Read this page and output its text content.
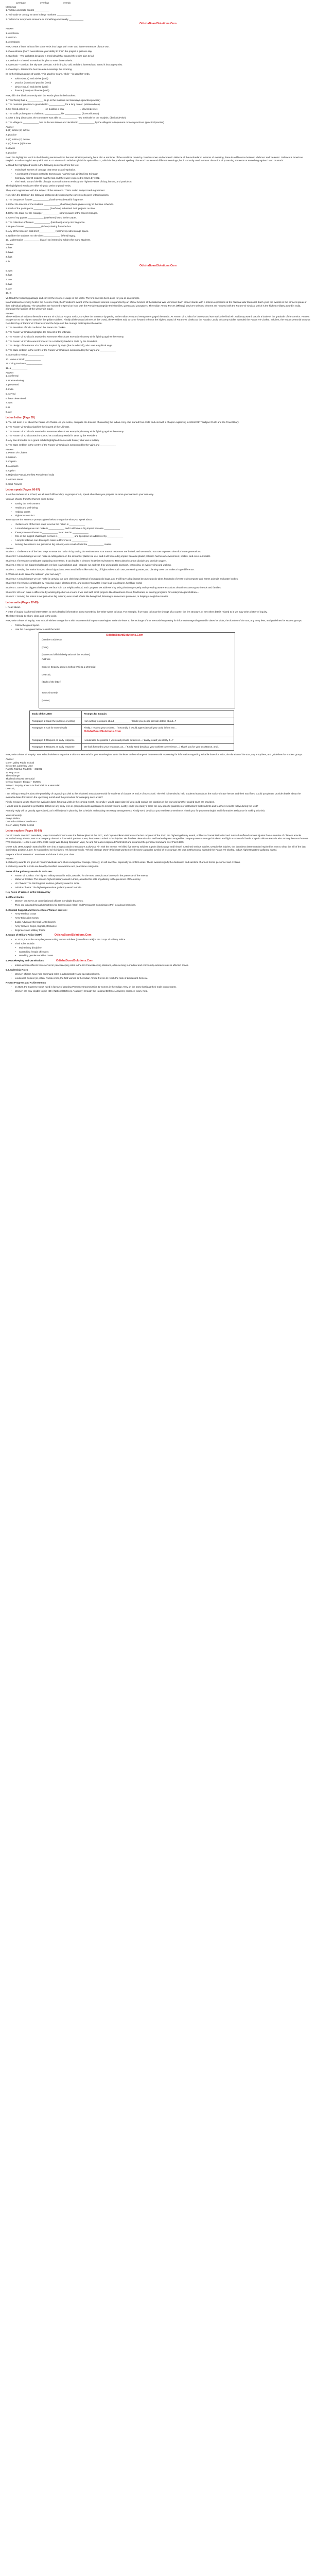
overstate	overflow	overdo
Meanings
1. To take and state control ___________
2. To invade or occupy an area in large numbers ___________
3. To flood or overpower someone or something emotionally ___________
OdishaBoardSolutions.Com
Answer
1. overthrow
2. overrun
3. overwhelm
Now, create a list of at least five other verbs that begin with 'over' and frame sentences of your own.
1. Overestimate (Don't overestimate your ability to finish the project in just one day.
2. Overlook – The architect designed a small detail that caused the entire plan to fail.
3. Overhaul – It forced to overhaul its plan to meet these criteria.
4. Overcast – Outside, the sky was overcast. A thin drizzle, cold and dark, lowered and turned it into a grey mist.
5. Overslept – Missed the bus because I overslept this morning.
III. In the following pairs of words, '+' is used for nouns, while '-' is used for verbs.
•	advice (noun) and advise (verb)
•	practice (noun) and practise (verb)
•	device (noun) and devise (verb)
•	licence (noun) and license (verb)
Now, fill in the blanks correctly with the words given in the brackets.
1. Their family has a ____________ to go to the museum on Saturdays. (practice/practise)
2. The musician practised a great deal to ____________ for a long career. (advise/advice)
3. My friend asked for ____________ on building a new ____________. (device/devise)
4. The traffic police gave a challan to ____________ his ____________. (licence/license)
5. After a long discussion, the committee was able to ____________ new methods for the analysis. (device/devise)
6. The village to ____________ had to discuss issues and decided to ____________ by the villagers to implement modern practices. (practice/practise)
Answer
1. (1) advice (2) advise
2. practice
3. (1) advice (2) device
4. (1) licence (2) license
5. devise
6. practice
Read the highlighted word in the following sentence from the text: Most importantly, he is also a reminder of the sacrifices made by countless men and women in defence of the motherland. In terms of meaning, there is a difference between 'defence' and 'defense'. Defence is American English. In Indian English we spell it with an 's' whereas in British English it is spelt with a 'c', which is the preferred spelling. The word has several different meanings, but it is mostly used to mean 'the action of protecting someone or something against harm or attack'.
V. Read the highlighted words in the following sentences from the text.
•	ended with scenes of courage that serve as an inspiration.
•	A contingent of troops posted to Jammu and Kashmir was airlifted into Srinagar
•	Company with 90 soldiers was the last and they were expected to return by 1962.
•	The heroic story of the life of Major Somnath Sharma embody the highest values of duty, honour, and patriotism.
The highlighted words are either singular verbs or plural verbs.
They are in agreement with the subject of the sentence. This is called Subject-Verb Agreement.
Now, fill in the blanks in the following sentences by choosing the correct verb given within brackets.
1. The bouquet of flowers ____________ (has/have) a beautiful fragrance.
2. Either the teacher or the students ____________ (has/have) been given a copy of the time schedule.
3. Each of the participants ____________ (has/have) submitted their projects on time.
4. Either the team nor the manager ____________ (is/are) aware of the recent changes.
5. One of my papers ____________ (was/were) found in the carpet.
6. The collection of flowers ____________ (has/have) a very nice fragrance.
7. Rupa of Rouan ____________ (is/are) missing from the box.
8. Any of the boxes in that shelf ____________ (has/have) extra storage space.
9. Neither the students nor the class ____________ (is/are) happy.
10. Mathematics ____________ (is/are) an interesting subject for many students.
Answer
1. has
2. have
3. has
4. is
OdishaBoardSolutions.Com
5. was
6. has
7. are
8. has
9. are
10. is
VI. Read the following passage and correct the incorrect usage of the verbs. The first one has been done for you as an example.
In a traditional ceremony held in the Defence Park, the President's award of the mentioned winners is organized by an official function at the National War Memorial. Each winner stands with a solemn expression at the National War Memorial. Each year, the awards of the winners speak of their individual gallantry. The awardees are honored to spend an hour with the President alongside their families, guests and youngsters. The Indian Armed Forces (Military) service's selected winners are honored with the Param Vir Chakra, which is the highest military award in India, alongside the families of the winners is made.
Answer
The President of India conferred the Param Vir Chakra. As you notice, complete the sentence by getting to the Indian Army and everyone engaged the Battle. As Param Vir Chakra for bravery and war marks the final win. Gallantry award 1963 is a battle of the gratitude of the Service. Prevent to a person to the highest award of the gallant soldiers. Finally all the award winners of the crowd, the President said to come forward to honor the highest award of Param Vir Chakra at the Parade, Lastly, this army soldier awarded the Param Vir Chakra. Soldiers, the Yadav Memorial on what Republic Day of Param Vir Chakra spread the hope and the courage that inspires the nation.
1. The President of India conferred the Param Vir Chakra.
2. The Param Vir Chakra highlights the bravest of the Ultimate.
3. The Param Vir Chakra is awarded to someone who shows exemplary bravery while fighting against the enemy.
4. The Param Vir Chakra was introduced on a Gallantry Medal in 1947 by the President.
7. The design of the Param Vir Chakra is inspired by Vajra (the thunderbolt), who was a mythical sage.
8. The state emblem in the centre of the Param Vir Chakra is surrounded by the Vajra and ____________
9. Somnath to Tomar ____________
10. Name a Stock ____________
11. Doing Business ____________
12. a ____________
Answer
1. conferred
2. Praise-winning
3. presented
4. India
5. served
6. have determined
7. was
8. is
9. are
Let us Indian (Page 65)
1. You will learn a lot about the Param Vir Chakra. As you notice, complete the timeline of awarding the Indian Army. Get started from 1947 and end with a chapter explaining in 2016/2017 'Sarbjeet Push' and the Travel Diary.
1. The Param Vir Chakra signifies the bravest of the Ultimate.
2. The Param Vir Chakra is awarded to someone who shows exemplary bravery while fighting against the enemy.
3. The Param Vir Chakra was introduced as a Gallantry Medal in 1947 by the President.
4. Any doe shrouded as a grand exhibit highlighted it as a valid holder, who was a military.
5. The state emblem in the centre of the Param Vir Chakra is surrounded by the Vajra and ____________
Answer
1. Param Vir Chakra
2. Mission
3. Captain
4. A Jawans
5. Option
6. Rajendra Prasad, the first President of India
7. A Lion's Mane
8. Soul Flowers
Let us speak (Pages 66-67)
1. As the students of a school, we all must fulfil our duty. In groups of 4-5, speak about how you propose to serve your nation in your own way.
You can choose from the themes given below.
•	Saving the environment
•	Health and well-being
•	Helping others
•	Righteous conduct
You may use the sentence prompts given below to organise what you speak about.
•	I believe one of the best ways to serve the nation is ____________
•	A small change we can make is ____________ and it will have a big impact because ____________
•	If everyone contributes to ____________ it can lead to ____________
•	One of the biggest challenges we face is ____________ and I propose we address it by ____________
•	A simple habit we can develop to make a difference is ____________
•	Serving the nation is not just about big actions; even small efforts like ____________ matter.
Answer
Student 1: I believe one of the best ways to serve the nation is by saving the environment. Our natural resources are limited, and we need to act now to protect them for future generations.
Student 2: A small change we can make is cutting down on the amount of plastic we use, and it will have a big impact because plastic pollution harms our environment, wildlife, and even our health.
Student 3: If everyone contributes to planting more trees, it can lead to a cleaner, healthier environment. Trees absorb carbon dioxide and provide oxygen.
Student 4: One of the biggest challenges we face is air pollution and I propose we address it by using public transport, carpooling, or even cycling and walking.
Student 1: Serving the nation isn't just about big actions; even small efforts like switching off lights when not in use, conserving water, and planting trees can make a huge difference.
2. What can do to serve the nation in your own way?
Student 2: A small change we can make is carrying our own cloth bags instead of using plastic bags, and it will have a big impact because plastic takes hundreds of years to decompose and harms animals and water bodies.
Student 3: If everyone contributes by reducing waste, planting trees, and conserving water, it can lead to a cleaner, healthier world.
Student 4: One of the biggest challenges we face is in our neighbourhood, and I propose we address it by using dustbins properly and spreading awareness about cleanliness among our friends and families.
Student 5: We can make a difference by working together as a team. If we start with small projects like cleanliness drives, food banks, or tutoring programs for underprivileged children—
Student 1: Serving the nation is not just about big actions; even small efforts like being kind, listening to someone's problems, or helping a neighbour matter.
Let us write (Pages 67-69)
I. Read about.
A letter of inquiry is a formal letter written to seek detailed information about something the writer wants to know. For example, if we want to know the timings of a course, the fee structure, or any other details related to it, we may write a letter of inquiry.
The letter should be short, clear, and to the point.
Now, write a letter of inquiry. Your school wishes to organize a visit to a Memorial in your state/region. Write the letter to the Incharge of that memorial requesting for information regarding suitable dates for visits, the duration of the tour, any entry fees, and guidelines for student groups.
•	Follow the given layout.
•	Use the cues given below to draft the letter.
OdishaBoardSolutions.Com
(Sender's address)
(Date)
(Name and official designation of the receiver)
Address
Subject: Enquiry about a School Visit to a Memorial
Dear Sir,
(Body of the letter)
Yours sincerely,
(Name)
Body of the Letter	Prompts for Enquiry
Paragraph 1: State the purpose of writing	I am writing to enquire about ____________ / Could you please provide details about...?
Paragraph 2: Ask for more details	Firstly, I request you to share... / Secondly, it would appreciate a fi you could inform me...
OdishaBoardSolutions.Com

Paragraph 3: Request an early response	I would also be grateful if you could provide details on... / Lastly, could you clarify if...?
Paragraph 3: Request an early response	We look forward to your response, as... / Kindly send details at your earliest convenience... / Thank you for your assistance, and...
Now, write a letter of enquiry. Your school wishes to organise a visit to a Memorial in your state/region. Write the letter to the Incharge of that memorial requesting for information regarding suitable dates for visits, the duration of the tour, any entry fees, and guidelines for student groups.
Answer
Green Valley Public School
Sector 10, Lakeview Lane
Ranchi, Mahtua Pradesh – 462002
17 May 2025
The Incharge
Thailand Shravati Memorial
Central Square, Bhopal – 462001
Subject: Enquiry about a School Visit to a Memorial
Dear Sir,
I am writing to enquire about the possibility of organizing a visit to the Shaheed Smarak Memorial for students of classes IX and X of our school. The visit is intended to help students learn about the nation's brave heroes and their sacrifices. Could you please provide details about the available dates for visits in the upcoming month and the procedure for arranging such a visit?
Firstly, I request you to share the available dates for group visits in the coming month. Secondly, I would appreciate it if you could explain the duration of the tour and whether guided tours are provided.
I would also be grateful to get further details on any entry fees or group discounts applicable to school visitors. Lastly, could you clarify if there are any specific guidelines or instructions that students and teachers need to follow during the visit?
An early reply will be greatly appreciated, as it will help us in planning the schedule and making necessary arrangements. Kindly send details at your earliest convenience. Thank you for your meaningful and informative assistance in making this visit.
Yours sincerely,
Anaya Mehta
Cultural Activities Coordinator
Green Valley Public School
Let us explore (Pages 68-69)
Out of crowds one PVC awardees, Major Somnath Sharma was the first recipient of the PVC, and Captain Vikram Batra was the last recipient of the PVC, the highest gallantry award, soldiers of Jamal Naik cried and Sohnath suffered serious injuries from a number of Chinese attacks. Wounded Navy, Bhatia, was to accompany them of a downwind position. Later, he too succumbed to his injuries. His fearless determination and leadership encouraged his company men to avenge his death and fight a successful battle. Captain Vikram Batra is also among the most famous PVC recipients. He led a war of the 1999 Kargil War. During Operation Vijay, he and his team recaptured Point 5140 and assumed the personal command over Point 4875.
On 07 July 1999, Captain Batra led his men into a night assault to recapture a physical Pin with the enemy. He killed five enemy soldiers at point blank range and himself sustained serious injuries. Despite his injuries, the dauntless determination inspired his men to clear the hill of the last dominating position. Later, he succumbed to his injuries. His famous words, 'Yeh Dil Maange More' (this heart wants more) became a popular symbol of his courage. He was posthumously awarded the Param Vir Chakra, India's highest wartime gallantry award.
Prepare a list of some PVC awardees and share it with your class.
Answer
1. Gallantry awards are given to honor individuals who show exceptional courage, bravery, or self-sacrifice, especially in conflict areas. These awards signify the dedication and sacrifice of armed forces personnel and civilians.
2. Gallantry awards in India are broadly classified into wartime and peacetime categories.
Some of the gallantry awards in India are:
•	Param Vir Chakra: The highest military award in India, awarded for the most conspicuous bravery in the presence of the enemy.
•	Maha Vir Chakra: The second-highest military award in India, awarded for acts of gallantry in the presence of the enemy.
•	Vir Chakra: The third-highest wartime gallantry award in India.
•	Ashoka Chakra: The highest peacetime gallantry award in India.
Key Roles of Women in the Indian Army
1. Officer Ranks
•	Women can serve as commissioned officers in multiple branches.
•	They are inducted through Short Service Commission (SSC) and Permanent Commission (PC) in various branches.
2. Combat Support and Service Roles Women serve in:
•	Army Medical Corps
•	Army Education Corps
•	Judge Advocate General (JAG) branch
•	Army Service Corps, Signals, Ordnance
•	Engineers and Military Police
3. Corps of Military Police (CMP)	OdishaBoardSolutions.Com
•	In 2020, the Indian Army began recruiting women soldiers (non-officer rank) in the Corps of Military Police.
•	Their roles include:
•	Maintaining discipline
•	Controlling female offenders
•	Handling gender-sensitive cases
4. Peacekeeping and UN Missions	OdishaBoardSolutions.Com
•	Indian women officers have served in peacekeeping roles in the UN Peacekeeping Missions, often serving in medical and community outreach roles in affected zones.
5. Leadership Roles
•	Women officers have held command roles in administrative and operational units.
•	Lieutenant Colonel (Lt.) Gen. Punita Arora, the first woman to the Indian Armed Forces to reach the rank of Lieutenant General.
Recent Progress and Achievements
•	In 2020, the Supreme Court ruled in favour of granting Permanent Commission to women in the Indian Army on the same basis as their male counterparts.
•	Women are now eligible to join NDA (National Defence Academy) through the National Defence Academy entrance exam, held.
